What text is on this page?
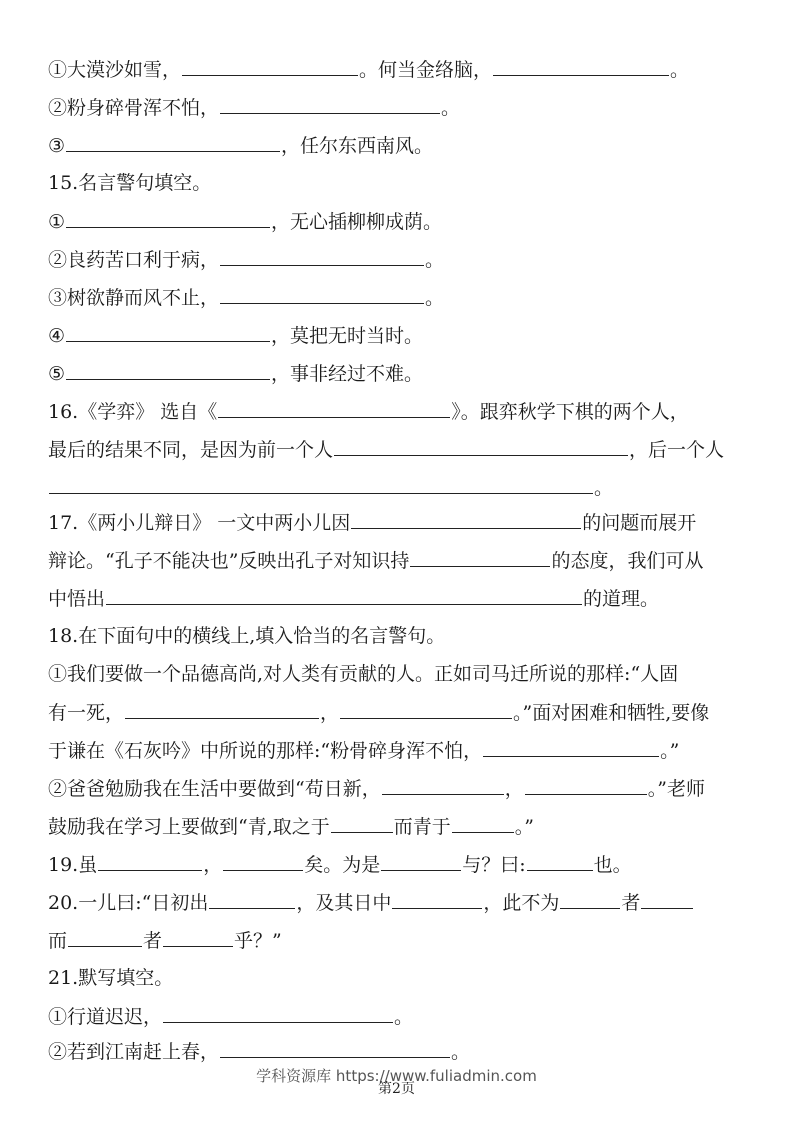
①大漠沙如雪，	。何当金络脑，	。
②粉身碎骨浑不怕，	。
③	，任尔东西南风。
15.名言警句填空。
①	，无心插柳柳成荫。
②良药苦口利于病，	。
③树欲静而风不止，	。
④	，莫把无时当时。
⑤	，事非经过不难。
16.《学弈》 选自《	》。跟弈秋学下棋的两个人，
最后的结果不同，是因为前一个人	，后一个人
。
17.《两小儿辩日》 一文中两小儿因	的问题而展开
辩论。“孔子不能决也”反映出孔子对知识持	的态度，我们可从
中悟出	的道理。
18.在下面句中的横线上,填入恰当的名言警句。
①我们要做一个品德高尚,对人类有贡献的人。正如司马迁所说的那样:“人固
有一死，	，	。”面对困难和牺牲,要像
于谦在《石灰吟》中所说的那样:“粉骨碎身浑不怕，	。”
②爸爸勉励我在生活中要做到“苟日新，	，	。”老师
鼓励我在学习上要做到“青,取之于	而青于	。”
19.虽	，	矣。为是	与？曰:	也。
20.一儿曰:“日初出	，及其日中	，此不为	者
而	者	乎？”
21.默写填空。
①行道迟迟，	。
②若到江南赶上春，	。
学科资源库 https://www.fuliadmin.com
第2页
